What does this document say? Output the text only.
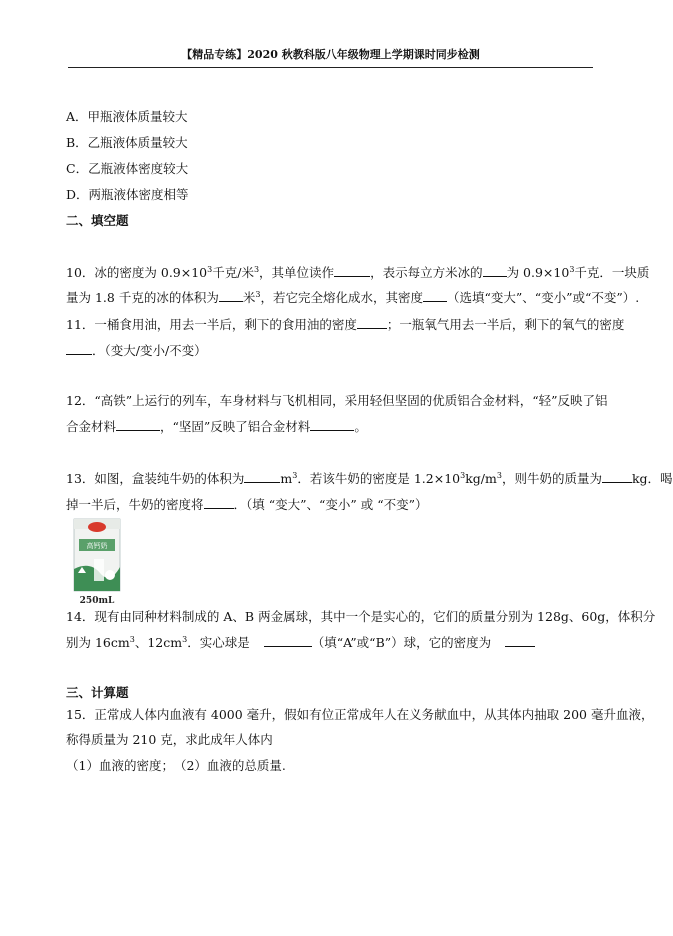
【精品专练】2020 秋教科版八年级物理上学期课时同步检测
A．甲瓶液体质量较大
B．乙瓶液体质量较大
C．乙瓶液体密度较大
D．两瓶液体密度相等
二、填空题
10．冰的密度为 $0.9\times 10^3$千克/米$^3$，其单位读作	，表示每立方米冰的 为 $0.9\times 10^3$千克．一块质
量为 1.8 千克的冰的体积为 米$^3$，若它完全熔化成水，其密度 （选填“变大”、“变小”或“不变”）.
11．一桶食用油，用去一半后，剩下的食用油的密度 ；一瓶氧气用去一半后，剩下的氧气的密度
．（变大/变小/不变）
12．“高铁”上运行的列车，车身材料与飞机相同，采用轻但坚固的优质铝合金材料，“轻”反映了铝
合金材料	，“坚固”反映了铝合金材料	。
13．如图，盒装纯牛奶的体积为	$m^3$．若该牛奶的密度是 $1.2\times 10^3kg/m^3$，则牛奶的质量为 kg．喝
掉一半后，牛奶的密度将 ．（填 “变大”、“变小” 或 “不变”）
高钙奶
250mL
14．现有由同种材料制成的 A、B 两金属球，其中一个是实心的，它们的质量分别为 128g、60g，体积分
别为 $16cm^3$、$12cm^3$．实心球是	（填“A”或“B”）球，它的密度为
三、计算题
15．正常成人体内血液有 4000 毫升，假如有位正常成年人在义务献血中，从其体内抽取 200 毫升血液，
称得质量为 210 克，求此成年人体内
（1）血液的密度；　（2）血液的总质量.
